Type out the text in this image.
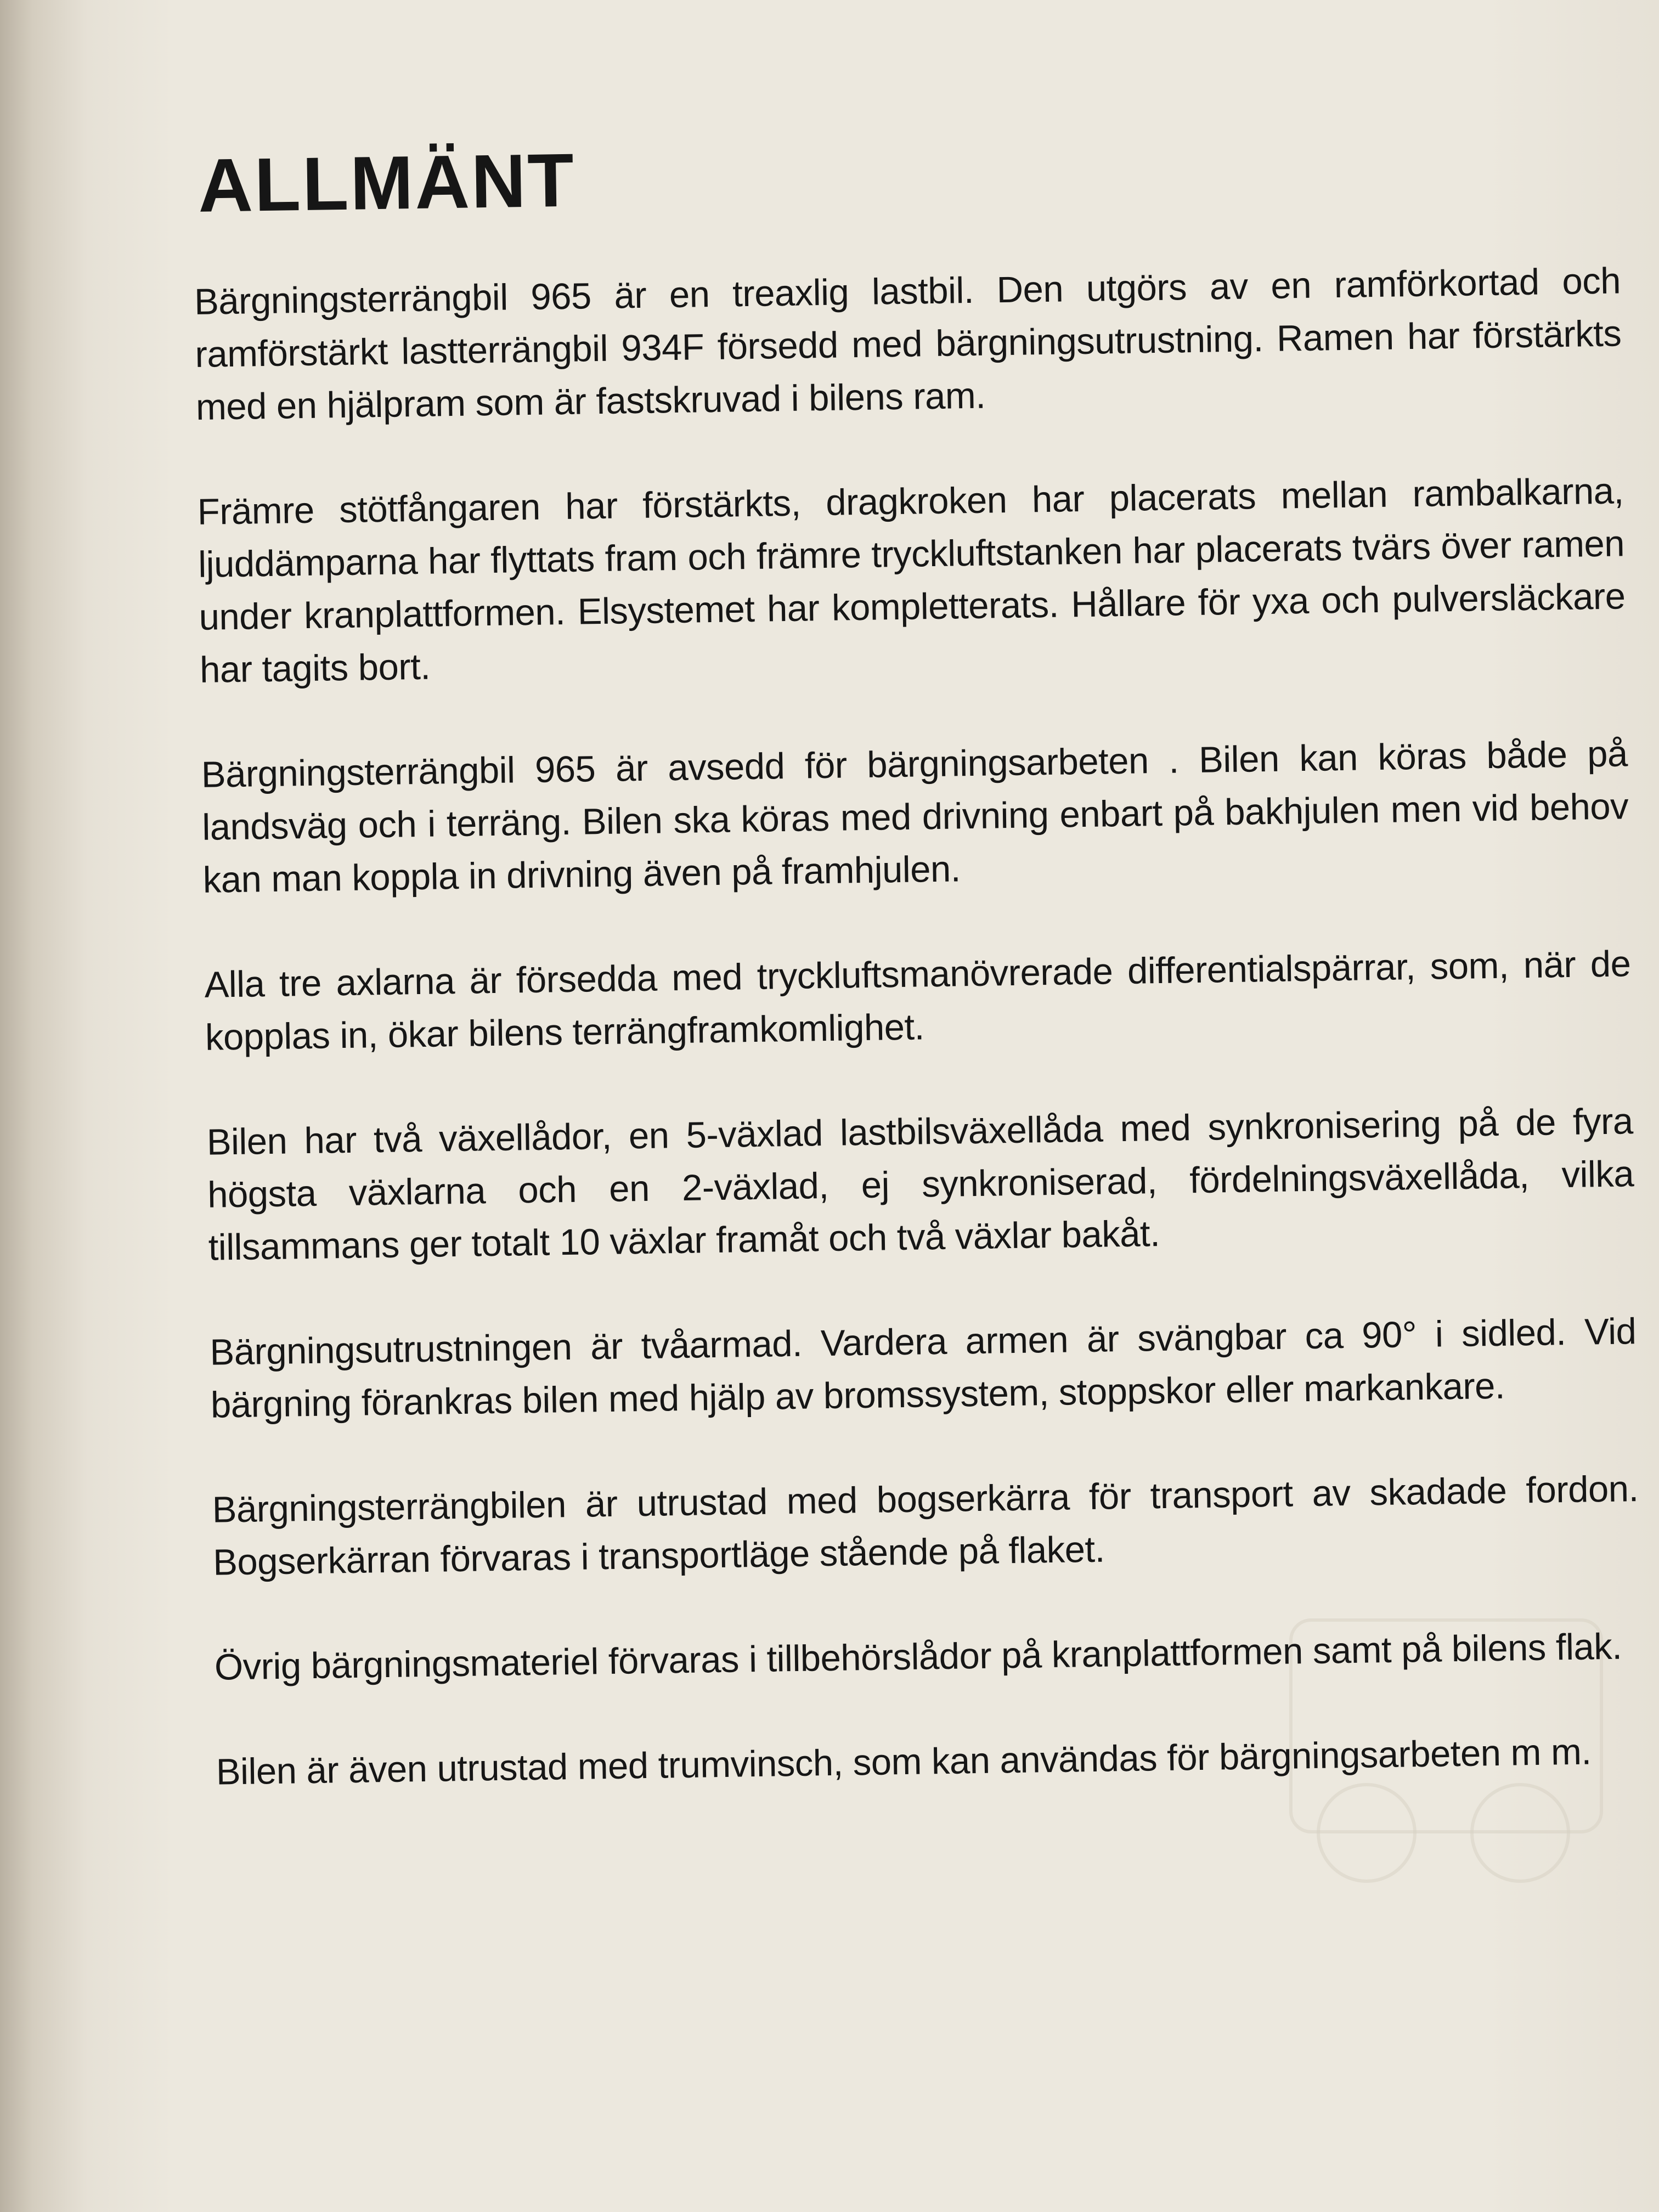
ALLMÄNT

Bärgningsterrängbil 965 är en treaxlig lastbil. Den utgörs av en ramförkortad och ramförstärkt lastterrängbil 934F försedd med bärgningsutrustning. Ramen har förstärkts med en hjälpram som är fastskruvad i bilens ram.

Främre stötfångaren har förstärkts, dragkroken har placerats mellan rambalkarna, ljuddämparna har flyttats fram och främre tryckluftstanken har placerats tvärs över ramen under kranplattformen. Elsystemet har kompletterats. Hållare för yxa och pulversläckare har tagits bort.

Bärgningsterrängbil 965 är avsedd för bärgningsarbeten . Bilen kan köras både på landsväg och i terräng. Bilen ska köras med drivning enbart på bakhjulen men vid behov kan man koppla in drivning även på framhjulen.

Alla tre axlarna är försedda med tryckluftsmanövrerade differentialspärrar, som, när de kopplas in, ökar bilens terrängframkomlighet.

Bilen har två växellådor, en 5-växlad lastbilsväxellåda med synkronisering på de fyra högsta växlarna och en 2-växlad, ej synkroniserad, fördelningsväxellåda, vilka tillsammans ger totalt 10 växlar framåt och två växlar bakåt.

Bärgningsutrustningen är tvåarmad. Vardera armen är svängbar ca 90° i sidled. Vid bärgning förankras bilen med hjälp av bromssystem, stoppskor eller markankare.

Bärgningsterrängbilen är utrustad med bogserkärra för transport av skadade fordon. Bogserkärran förvaras i transportläge stående på flaket.

Övrig bärgningsmateriel förvaras i tillbehörslådor på kranplattformen samt på bilens flak.

Bilen är även utrustad med trumvinsch, som kan användas för bärgningsarbeten m m.
